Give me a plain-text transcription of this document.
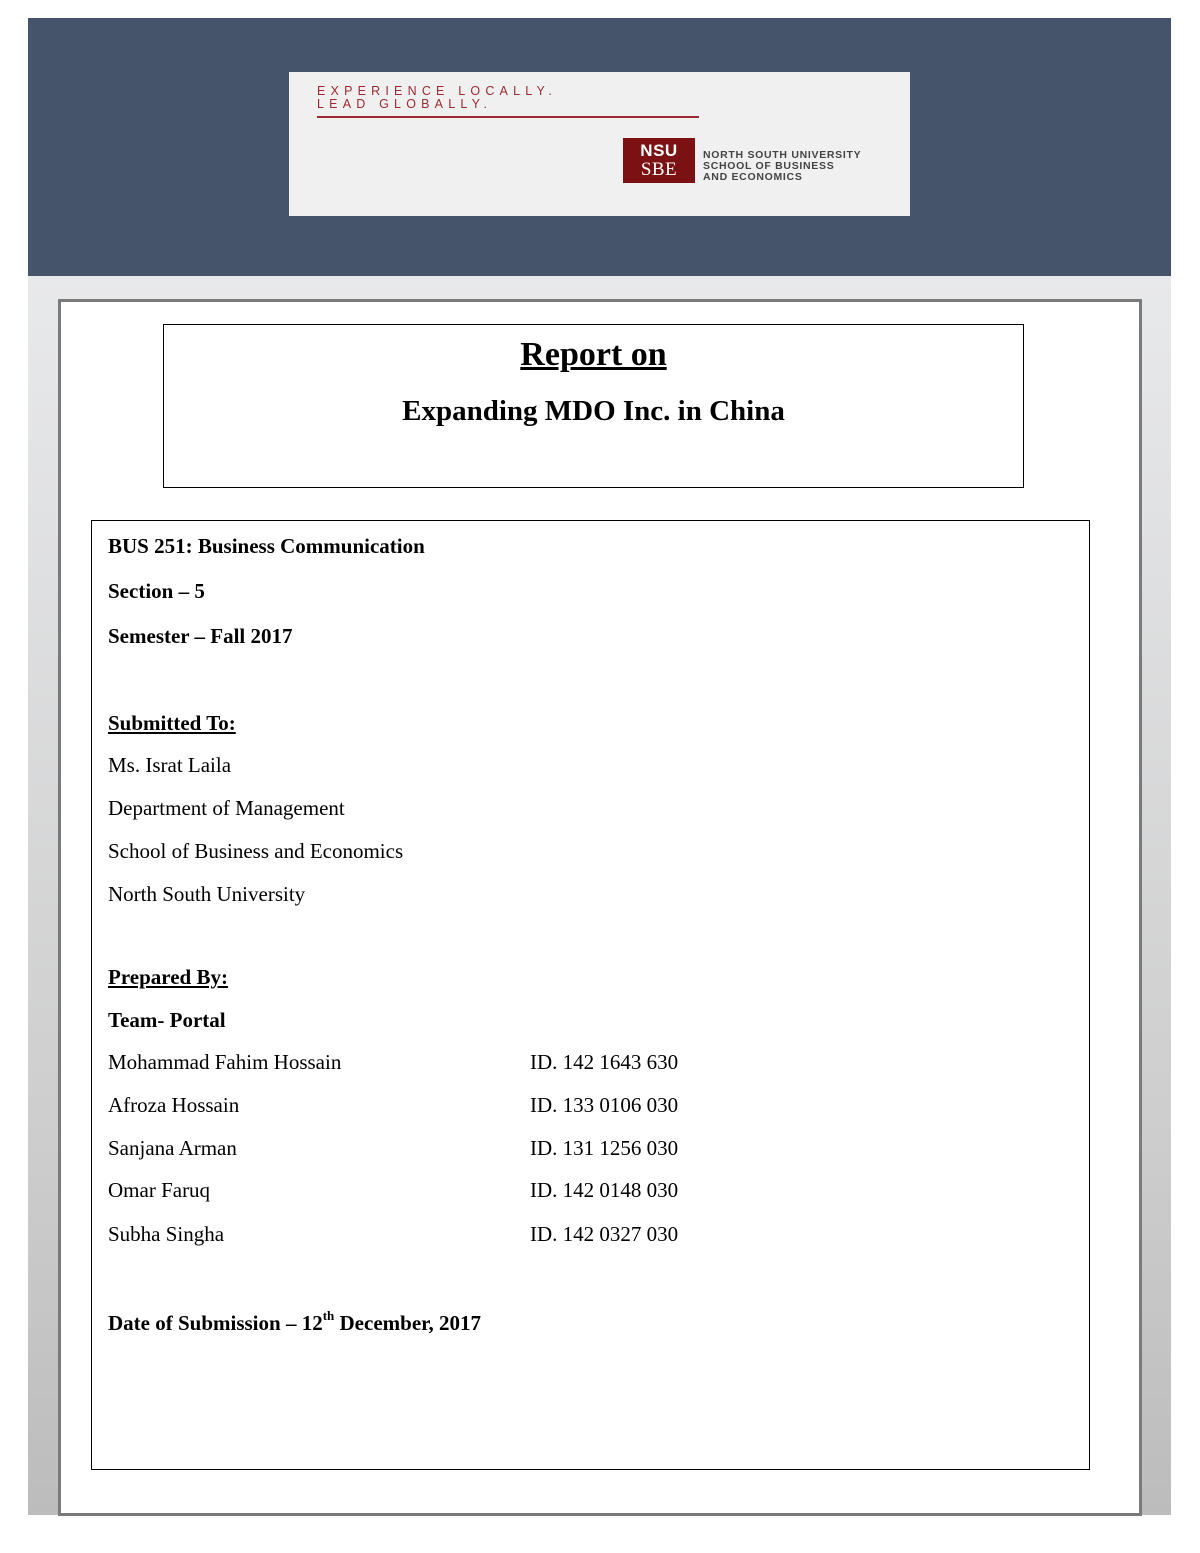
EXPERIENCE LOCALLY.
LEAD GLOBALLY.
NSU
SBE
NORTH SOUTH UNIVERSITY
SCHOOL OF BUSINESS
AND ECONOMICS
Report on
Expanding MDO Inc. in China
BUS 251: Business Communication
Section – 5
Semester – Fall 2017
Submitted To:
Ms. Israt Laila
Department of Management
School of Business and Economics
North South University
Prepared By:
Team- Portal
Mohammad Fahim Hossain	ID. 142 1643 630
Afroza Hossain	ID. 133 0106 030
Sanjana Arman	ID. 131 1256 030
Omar Faruq	ID. 142 0148 030
Subha Singha	ID. 142 0327 030
Date of Submission – 12th December, 2017
